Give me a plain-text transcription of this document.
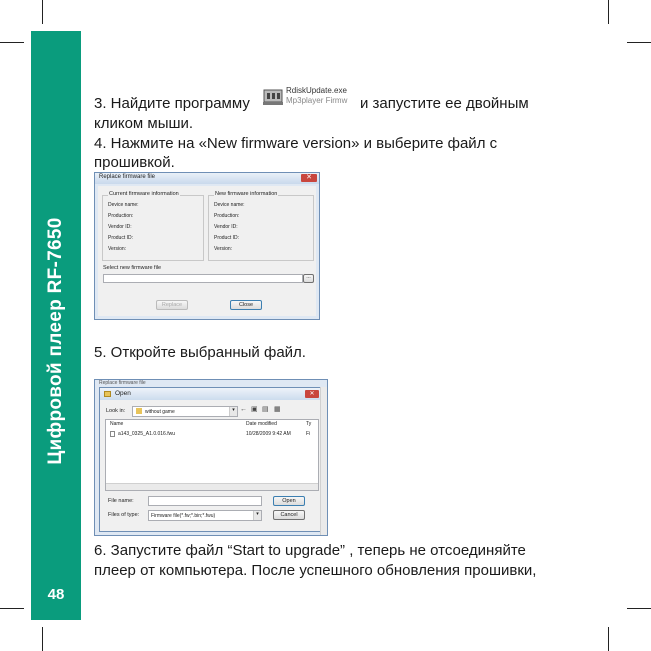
Цифровой плеер RF-7650
48
3. Найдите программу
RdiskUpdate.exe
Mp3player Firmw и запустите ее двойным
кликом мыши.
4. Нажмите на «New firmware version» и выберите файл с
прошивкой.
Replace firmware file	✕
Current firmware information
Device name:
Production:
Vendor ID:
Product ID:
Version:
New firmware information
Device name:
Production:
Vendor ID:
Product ID:
Version:
Select new firmware file
...
Replace	Close
5. Откройте выбранный файл.
Replace firmware file
Open	✕
Look in:	without game	▾ ← ▣ ▤ ▦
Name	Date modified	Ty
a143_0325_A1.0.016.fwu	10/28/2009 9:42 AM	Fi
File name:	Open
Files of type: Firmware file(*.fw;*.bin;*.fwu)	▾	Cancel
6. Запустите файл “Start to upgrade” , теперь не отсоединяйте
плеер от компьютера. После успешного обновления прошивки,
